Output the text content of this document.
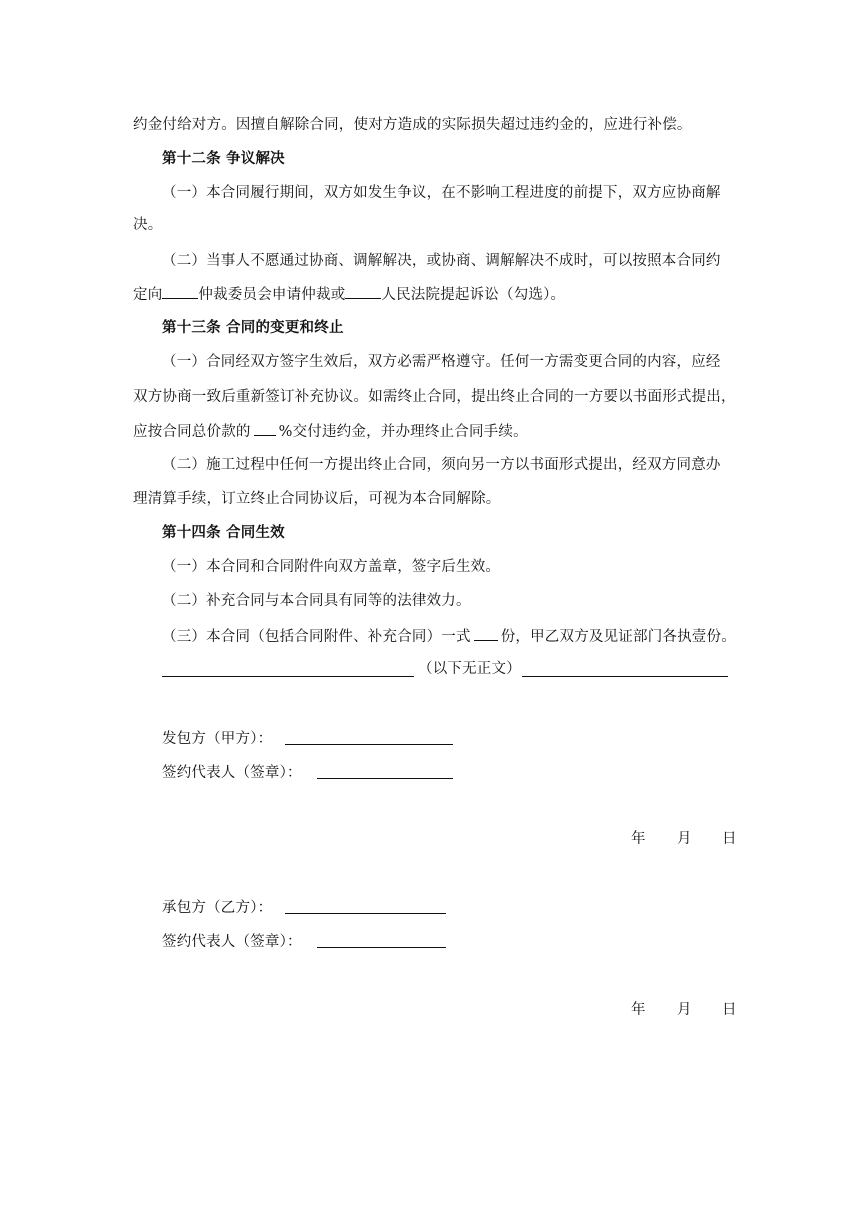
约金付给对方。因擅自解除合同，使对方造成的实际损失超过违约金的，应进行补偿。
第十二条 争议解决
（一）本合同履行期间，双方如发生争议，在不影响工程进度的前提下，双方应协商解
决。
（二）当事人不愿通过协商、调解解决，或协商、调解解决不成时，可以按照本合同约
定向 仲裁委员会申请仲裁或 人民法院提起诉讼（勾选）。
第十三条 合同的变更和终止
（一）合同经双方签字生效后，双方必需严格遵守。任何一方需变更合同的内容，应经
双方协商一致后重新签订补充协议。如需终止合同，提出终止合同的一方要以书面形式提出，
应按合同总价款的 %交付违约金，并办理终止合同手续。
（二）施工过程中任何一方提出终止合同，须向另一方以书面形式提出，经双方同意办
理清算手续，订立终止合同协议后，可视为本合同解除。
第十四条 合同生效
（一）本合同和合同附件向双方盖章，签字后生效。
（二）补充合同与本合同具有同等的法律效力。
（三）本合同（包括合同附件、补充合同）一式 份，甲乙双方及见证部门各执壹份。
（以下无正文）
发包方（甲方）：
签约代表人（签章）：
年 月 日
承包方（乙方）：
签约代表人（签章）：
年 月 日
